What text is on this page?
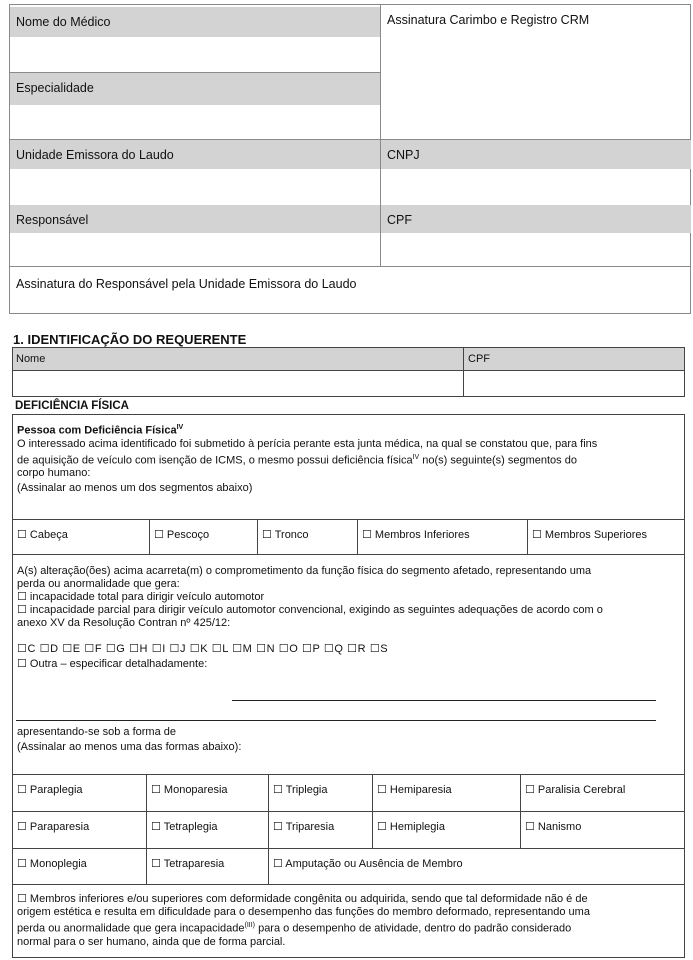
Nome do Médico
Especialidade
Assinatura Carimbo e Registro CRM
Unidade Emissora do Laudo	CNPJ
Responsável	CPF
Assinatura do Responsável pela Unidade Emissora do Laudo
1. IDENTIFICAÇÃO DO REQUERENTE
Nome	CPF
DEFICIÊNCIA FÍSICA
Pessoa com Deficiência Física$^{IV}$
O interessado acima identificado foi submetido à perícia perante esta junta médica, na qual se constatou que, para fins
de aquisição de veículo com isenção de ICMS, o mesmo possui deficiência física$^{IV}$ no(s) seguinte(s) segmentos do
corpo humano:
(Assinalar ao menos um dos segmentos abaixo)
☐ Cabeça	☐ Pescoço	☐ Tronco	☐ Membros Inferiores	☐ Membros Superiores
A(s) alteração(ões) acima acarreta(m) o comprometimento da função física do segmento afetado, representando uma
perda ou anormalidade que gera:
☐ incapacidade total para dirigir veículo automotor
☐ incapacidade parcial para dirigir veículo automotor convencional, exigindo as seguintes adequações de acordo com o
anexo XV da Resolução Contran nº 425/12:
☐C ☐D ☐E ☐F ☐G ☐H ☐I ☐J ☐K ☐L ☐M ☐N ☐O ☐P ☐Q ☐R ☐S
☐ Outra – especificar detalhadamente:
apresentando-se sob a forma de
(Assinalar ao menos uma das formas abaixo):
☐ Paraplegia	☐ Monoparesia	☐ Triplegia	☐ Hemiparesia	☐ Paralisia Cerebral
☐ Paraparesia	☐ Tetraplegia	☐ Triparesia	☐ Hemiplegia	☐ Nanismo
☐ Monoplegia	☐ Tetraparesia	☐ Amputação ou Ausência de Membro
☐ Membros inferiores e/ou superiores com deformidade congênita ou adquirida, sendo que tal deformidade não é de
origem estética e resulta em dificuldade para o desempenho das funções do membro deformado, representando uma
perda ou anormalidade que gera incapacidade$^{(III)}$ para o desempenho de atividade, dentro do padrão considerado
normal para o ser humano, ainda que de forma parcial.
